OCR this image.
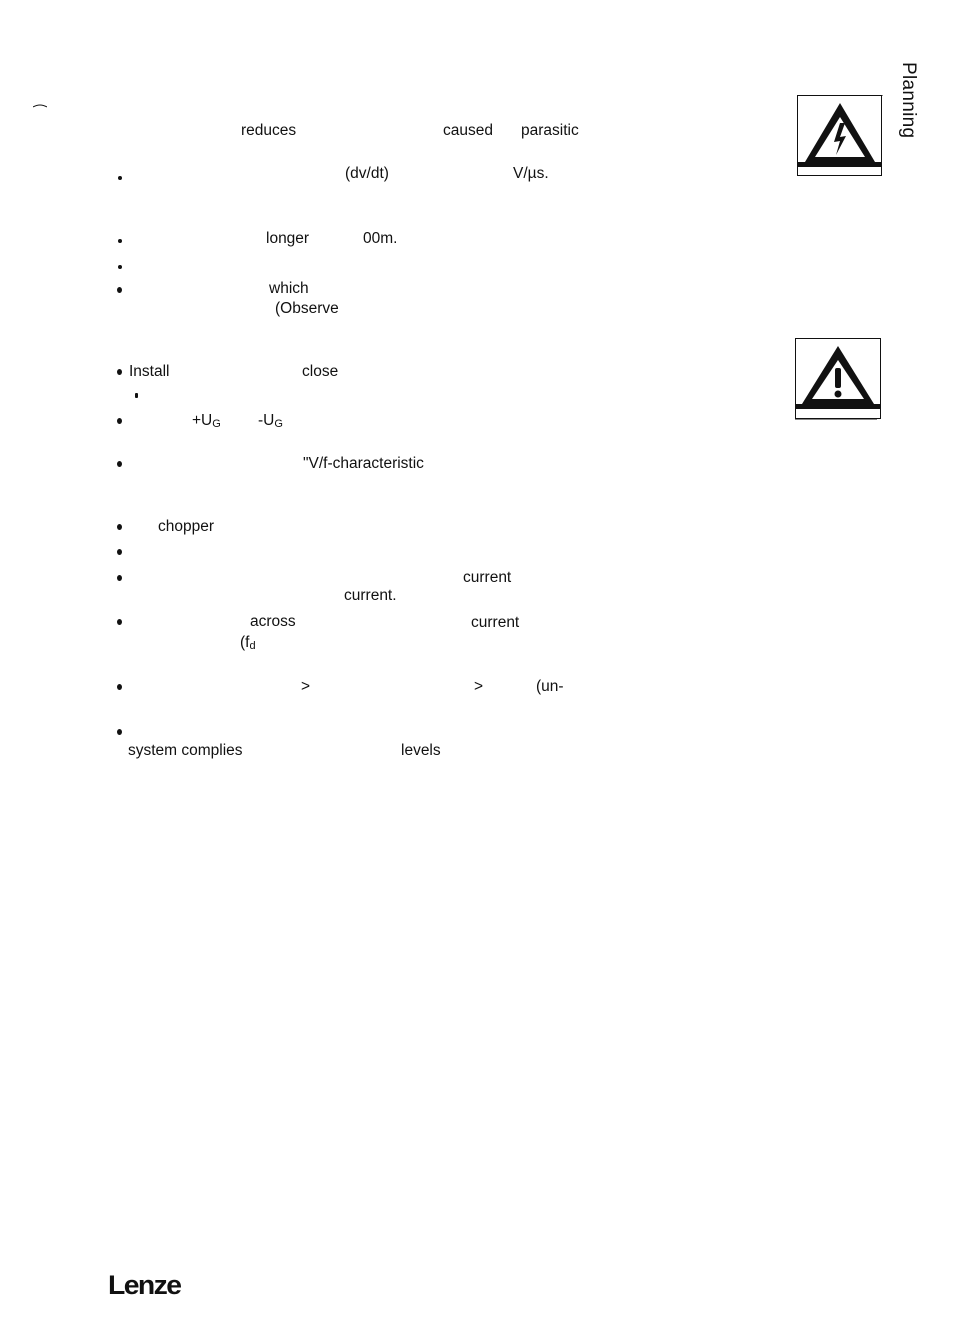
Planning
reduces	caused parasitic
(dv/dt)	V/µs.
longer	00m.
which
(Observe
Install	close
+UG -UG
"V/f-characteristic
chopper
current
current.
across	current
(fd
>	>	(un-
system complies	levels
Lenze
